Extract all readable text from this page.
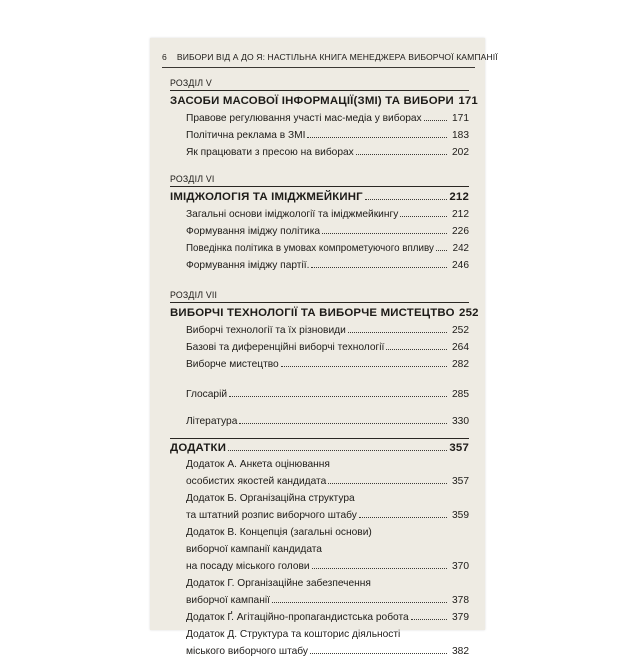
6 ВИБОРИ ВІД А ДО Я: НАСТІЛЬНА КНИГА МЕНЕДЖЕРА ВИБОРЧОЇ КАМПАНІЇ
РОЗДІЛ V
ЗАСОБИ МАСОВОЇ ІНФОРМАЦІЇ(ЗМІ) ТА ВИБОРИ 171
Правове регулювання участі мас-медіа у виборах	171
Політична реклама в ЗМІ	183
Як працювати з пресою на виборах	202
РОЗДІЛ VI
ІМІДЖОЛОГІЯ ТА ІМІДЖМЕЙКИНГ	212
Загальні основи іміджології та іміджмейкингу	212
Формування іміджу політика	226
Поведінка політика в умовах компрометуючого впливу	242
Формування іміджу партії.	246
РОЗДІЛ VII
ВИБОРЧІ ТЕХНОЛОГІЇ ТА ВИБОРЧЕ МИСТЕЦТВО 252
Виборчі технології та їх різновиди	252
Базові та диференційні виборчі технології	264
Виборче мистецтво	282
Глосарій	285
Література	330
ДОДАТКИ	357
Додаток А. Анкета оцінювання
особистих якостей кандидата	357
Додаток Б. Організаційна структура
та штатний розпис виборчого штабу	359
Додаток В. Концепція (загальні основи)
виборчої кампанії кандидата
на посаду міського голови	370
Додаток Г. Організаційне забезпечення
виборчої кампанії	378
Додаток Ґ. Агітаційно-пропагандистська робота	379
Додаток Д. Структура та кошторис діяльності
міського виборчого штабу	382
